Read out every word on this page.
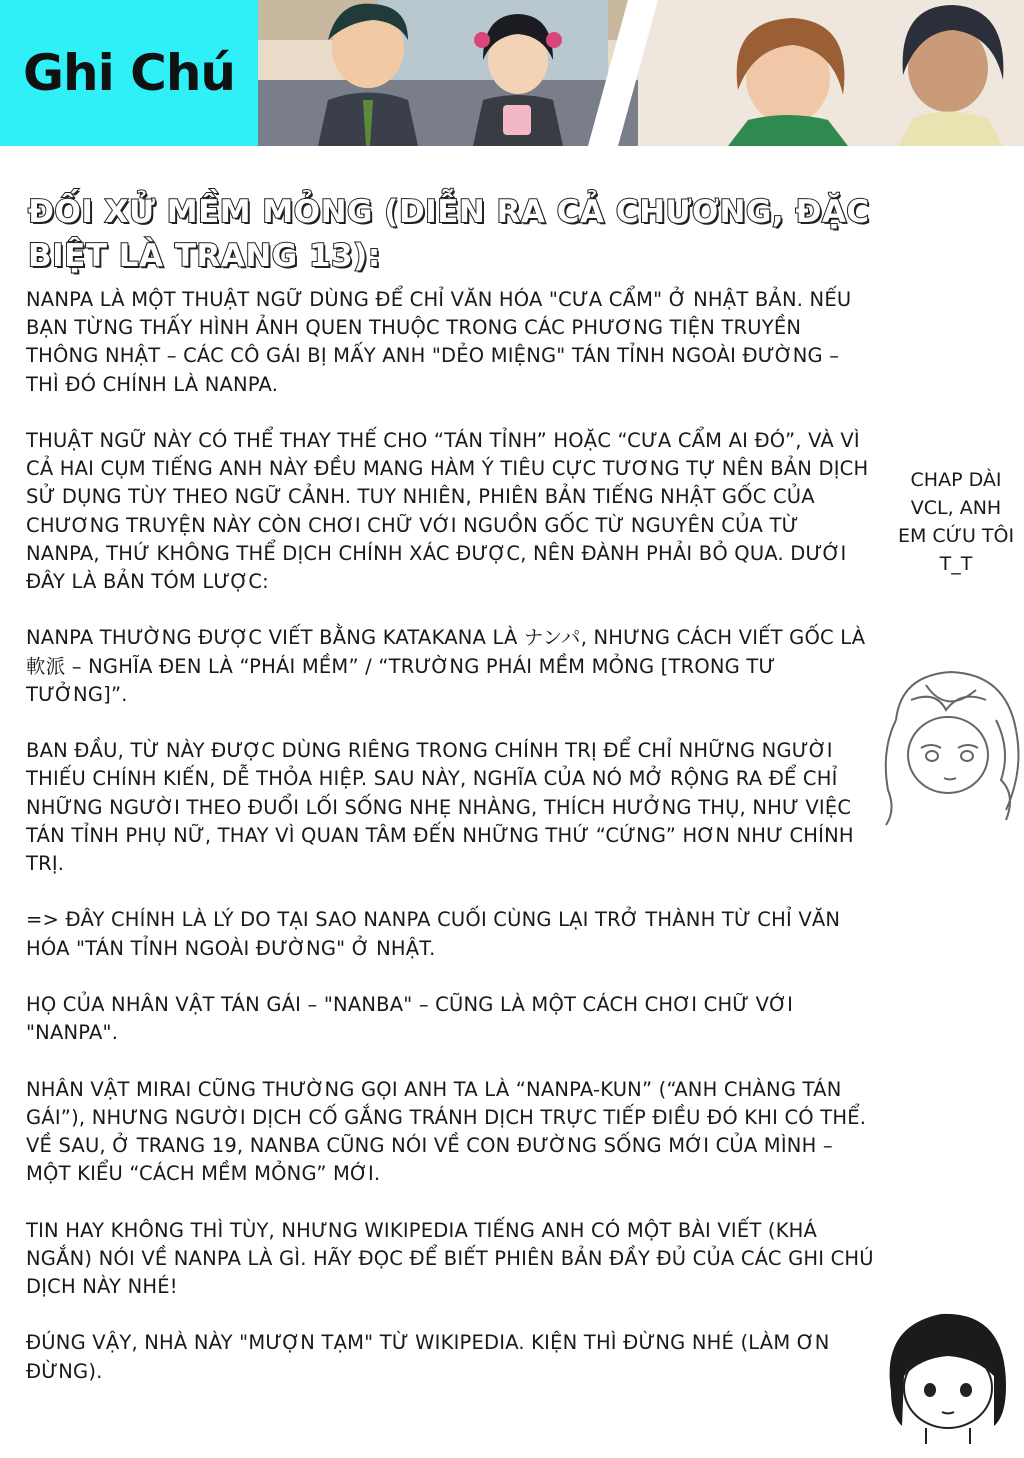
Ghi Chú
ĐỐI XỬ MỀM MỎNG (DIỄN RA CẢ CHƯƠNG, ĐẶC BIỆT LÀ TRANG 13):

NANPA LÀ MỘT THUẬT NGỮ DÙNG ĐỂ CHỈ VĂN HÓA "CƯA CẨM" Ở NHẬT BẢN. NẾU BẠN TỪNG THẤY HÌNH ẢNH QUEN THUỘC TRONG CÁC PHƯƠNG TIỆN TRUYỀN THÔNG NHẬT – CÁC CÔ GÁI BỊ MẤY ANH "DẺO MIỆNG" TÁN TỈNH NGOÀI ĐƯỜNG – THÌ ĐÓ CHÍNH LÀ NANPA.

THUẬT NGỮ NÀY CÓ THỂ THAY THẾ CHO “TÁN TỈNH” HOẶC “CƯA CẨM AI ĐÓ”, VÀ VÌ CẢ HAI CỤM TIẾNG ANH NÀY ĐỀU MANG HÀM Ý TIÊU CỰC TƯƠNG TỰ NÊN BẢN DỊCH SỬ DỤNG TÙY THEO NGỮ CẢNH. TUY NHIÊN, PHIÊN BẢN TIẾNG NHẬT GỐC CỦA CHƯƠNG TRUYỆN NÀY CÒN CHƠI CHỮ VỚI NGUỒN GỐC TỪ NGUYÊN CỦA TỪ NANPA, THỨ KHÔNG THỂ DỊCH CHÍNH XÁC ĐƯỢC, NÊN ĐÀNH PHẢI BỎ QUA. DƯỚI ĐÂY LÀ BẢN TÓM LƯỢC:

NANPA THƯỜNG ĐƯỢC VIẾT BẰNG KATAKANA LÀ ナンパ, NHƯNG CÁCH VIẾT GỐC LÀ 軟派 – NGHĨA ĐEN LÀ “PHÁI MỀM” / “TRƯỜNG PHÁI MỀM MỎNG [TRONG TƯ TƯỞNG]”.

BAN ĐẦU, TỪ NÀY ĐƯỢC DÙNG RIÊNG TRONG CHÍNH TRỊ ĐỂ CHỈ NHỮNG NGƯỜI THIẾU CHÍNH KIẾN, DỄ THỎA HIỆP. SAU NÀY, NGHĨA CỦA NÓ MỞ RỘNG RA ĐỂ CHỈ NHỮNG NGƯỜI THEO ĐUỔI LỐI SỐNG NHẸ NHÀNG, THÍCH HƯỞNG THỤ, NHƯ VIỆC TÁN TỈNH PHỤ NỮ, THAY VÌ QUAN TÂM ĐẾN NHỮNG THỨ “CỨNG” HƠN NHƯ CHÍNH TRỊ.

=> ĐÂY CHÍNH LÀ LÝ DO TẠI SAO NANPA CUỐI CÙNG LẠI TRỞ THÀNH TỪ CHỈ VĂN HÓA "TÁN TỈNH NGOÀI ĐƯỜNG" Ở NHẬT.

HỌ CỦA NHÂN VẬT TÁN GÁI – "NANBA" – CŨNG LÀ MỘT CÁCH CHƠI CHỮ VỚI "NANPA".

NHÂN VẬT MIRAI CŨNG THƯỜNG GỌI ANH TA LÀ “NANPA-KUN” (“ANH CHÀNG TÁN GÁI”), NHƯNG NGƯỜI DỊCH CỐ GẮNG TRÁNH DỊCH TRỰC TIẾP ĐIỀU ĐÓ KHI CÓ THỂ. VỀ SAU, Ở TRANG 19, NANBA CŨNG NÓI VỀ CON ĐƯỜNG SỐNG MỚI CỦA MÌNH – MỘT KIỂU “CÁCH MỀM MỎNG” MỚI.

TIN HAY KHÔNG THÌ TÙY, NHƯNG WIKIPEDIA TIẾNG ANH CÓ MỘT BÀI VIẾT (KHÁ NGẮN) NÓI VỀ NANPA LÀ GÌ. HÃY ĐỌC ĐỂ BIẾT PHIÊN BẢN ĐẦY ĐỦ CỦA CÁC GHI CHÚ DỊCH NÀY NHÉ!

ĐÚNG VẬY, NHÀ NÀY "MƯỢN TẠM" TỪ WIKIPEDIA. KIỆN THÌ ĐỪNG NHÉ (LÀM ƠN ĐỪNG).

CHAP DÀI VCL, ANH EM CỨU TÔI T_T
